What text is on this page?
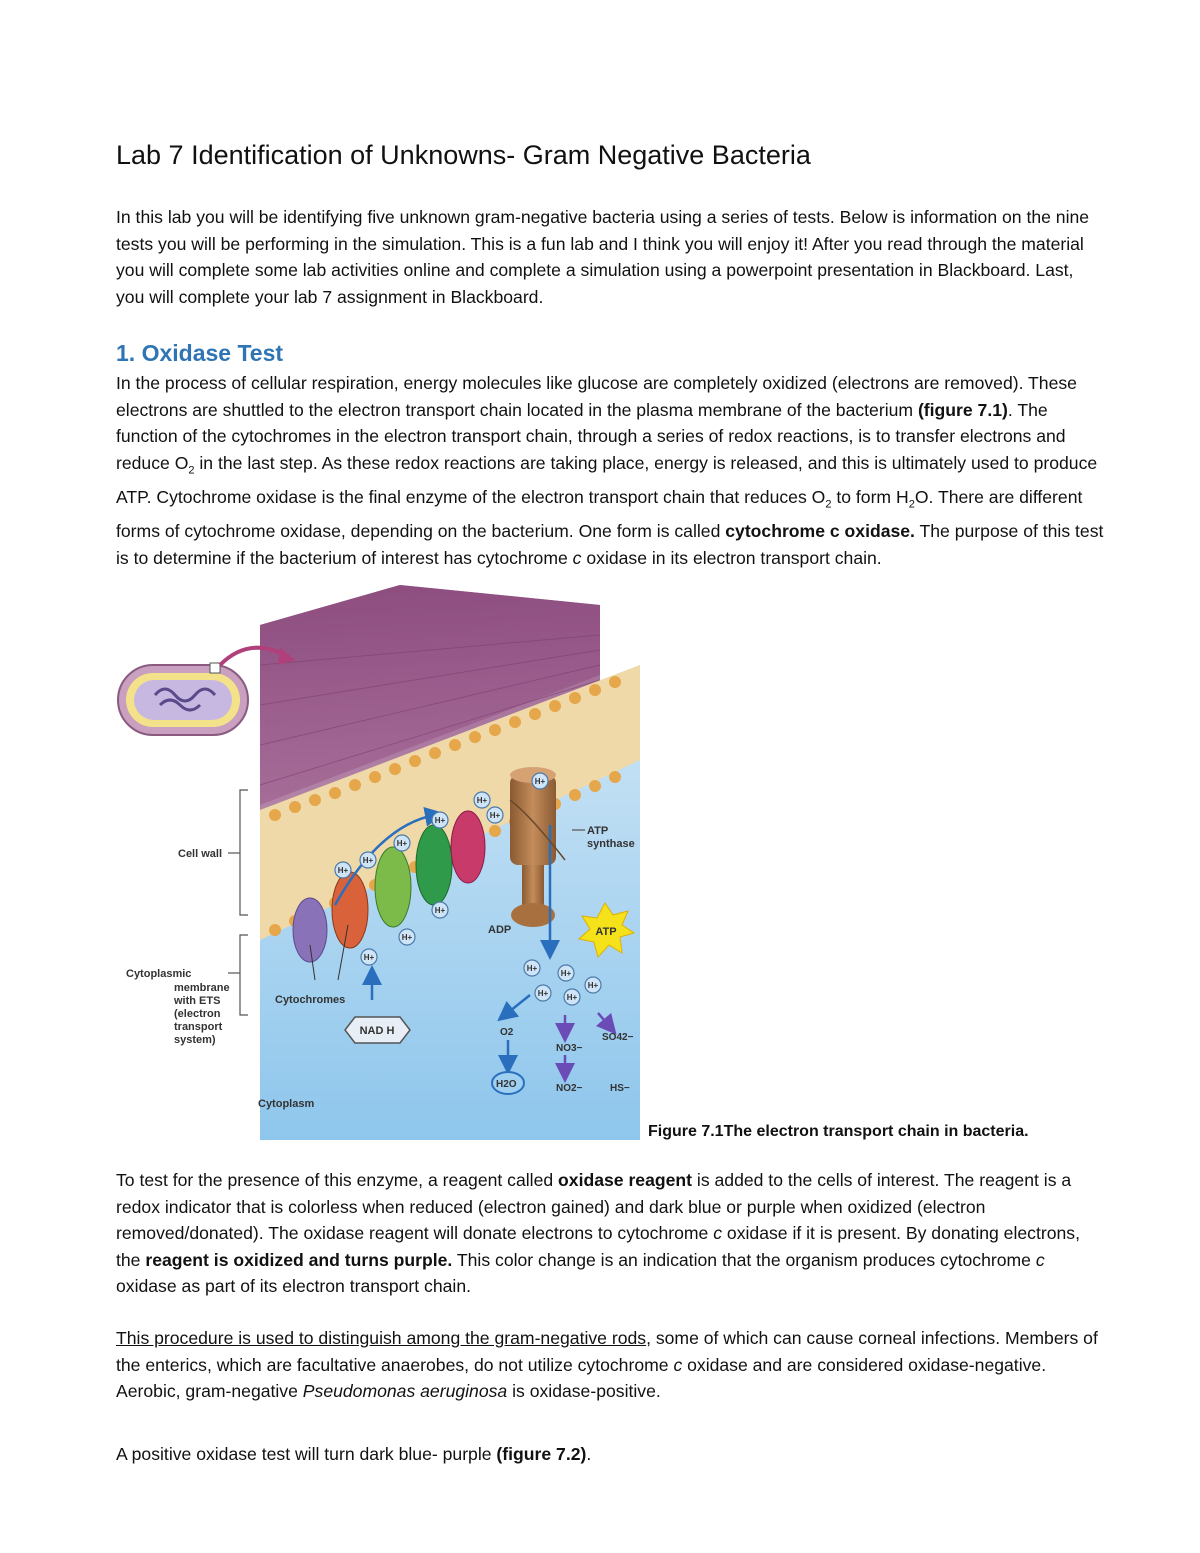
Lab 7 Identification of Unknowns- Gram Negative Bacteria

In this lab you will be identifying five unknown gram-negative bacteria using a series of tests. Below is information on the nine tests you will be performing in the simulation. This is a fun lab and I think you will enjoy it! After you read through the material you will complete some lab activities online and complete a simulation using a powerpoint presentation in Blackboard. Last, you will complete your lab 7 assignment in Blackboard.

1. Oxidase Test

In the process of cellular respiration, energy molecules like glucose are completely oxidized (electrons are removed). These electrons are shuttled to the electron transport chain located in the plasma membrane of the bacterium (figure 7.1). The function of the cytochromes in the electron transport chain, through a series of redox reactions, is to transfer electrons and reduce $O_2$ in the last step. As these redox reactions are taking place, energy is released, and this is ultimately used to produce ATP. Cytochrome oxidase is the final enzyme of the electron transport chain that reduces $O_2$ to form $H_2O$. There are different forms of cytochrome oxidase, depending on the bacterium. One form is called cytochrome c oxidase. The purpose of this test is to determine if the bacterium of interest has cytochrome c oxidase in its electron transport chain.

H+
H+
H+
H+
H+
H+
H+
H+
H+
H+
H+
H+
H+ H+
H+
NAD H
ATP
Cell wall
Cytoplasmic
membrane
with ETS
(electron
transport
system)
Cytochromes
Cytoplasm
ATP
synthase
ADP
O2
H2O
NO3−
NO2−
SO42−
HS−
Figure 7.1The electron transport chain in bacteria.

To test for the presence of this enzyme, a reagent called oxidase reagent is added to the cells of interest. The reagent is a redox indicator that is colorless when reduced (electron gained) and dark blue or purple when oxidized (electron removed/donated). The oxidase reagent will donate electrons to cytochrome c oxidase if it is present. By donating electrons, the reagent is oxidized and turns purple. This color change is an indication that the organism produces cytochrome c oxidase as part of its electron transport chain.

This procedure is used to distinguish among the gram-negative rods, some of which can cause corneal infections. Members of the enterics, which are facultative anaerobes, do not utilize cytochrome c oxidase and are considered oxidase-negative. Aerobic, gram-negative Pseudomonas aeruginosa is oxidase-positive.

A positive oxidase test will turn dark blue- purple (figure 7.2).
